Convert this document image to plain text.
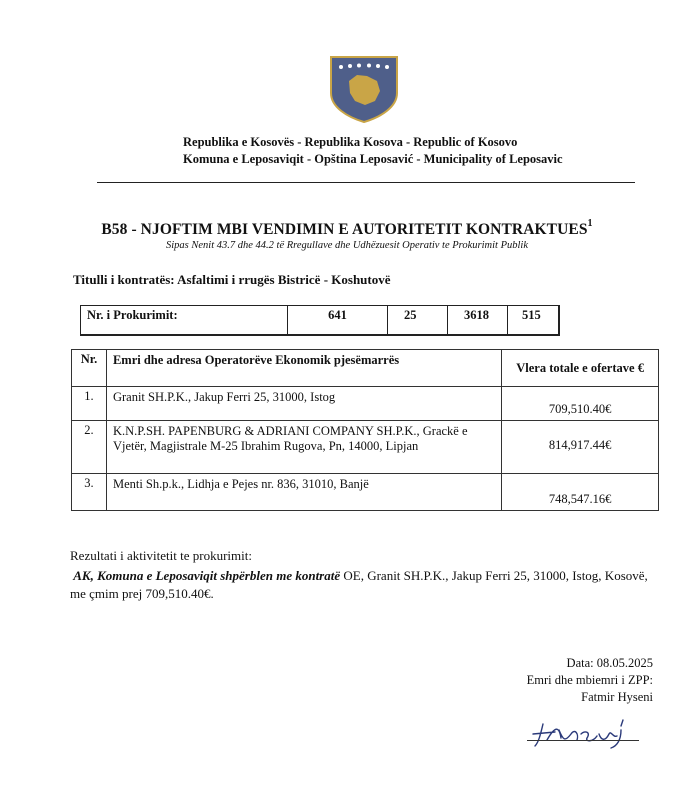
Republika e Kosovës - Republika Kosova - Republic of Kosovo
Komuna e Leposaviqit - Opština Leposavić - Municipality of Leposavic
B58 - NJOFTIM MBI VENDIMIN E AUTORITETIT KONTRAKTUES$^1$
Sipas Nenit 43.7 dhe 44.2 të Rregullave dhe Udhëzuesit Operativ te Prokurimit Publik
Titulli i kontratës: Asfaltimi i rrugës Bistricë - Koshutovë
Nr. i Prokurimit:	641	25	3618	515
Nr.	Emri dhe adresa Operatorëve Ekonomik pjesëmarrës	Vlera totale e ofertave €
1.	Granit SH.P.K., Jakup Ferri 25, 31000, Istog	709,510.40€
2.	K.N.P.SH. PAPENBURG & ADRIANI COMPANY SH.P.K., Grackë e Vjetër, Magjistrale M-25 Ibrahim Rugova, Pn, 14000, Lipjan	814,917.44€
3.	Menti Sh.p.k., Lidhja e Pejes nr. 836, 31010, Banjë	748,547.16€
Rezultati i aktivitetit te prokurimit:
AK, Komuna e Leposaviqit shpërblen me kontratë OE, Granit SH.P.K., Jakup Ferri 25, 31000, Istog, Kosovë, me çmim prej 709,510.40€.
Data: 08.05.2025
Emri dhe mbiemri i ZPP:
Fatmir Hyseni
